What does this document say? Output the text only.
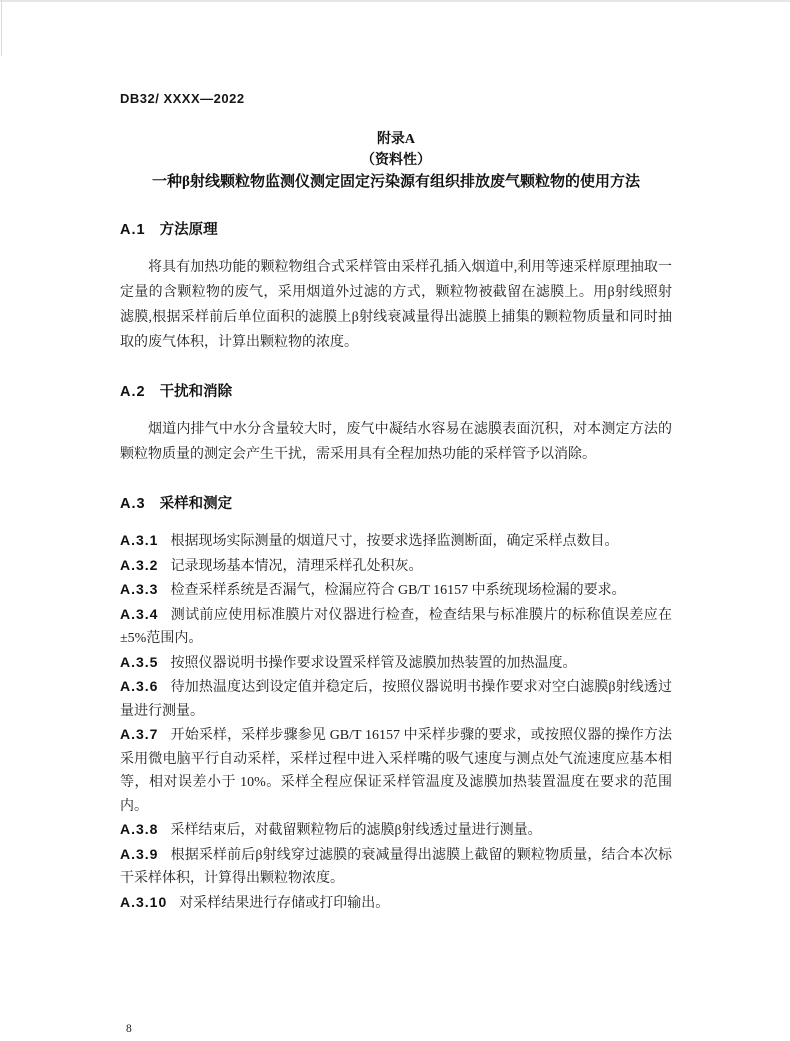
DB32/ XXXX—2022
附录A
（资料性）
一种β射线颗粒物监测仪测定固定污染源有组织排放废气颗粒物的使用方法
A.1 方法原理

将具有加热功能的颗粒物组合式采样管由采样孔插入烟道中,利用等速采样原理抽取一定量的含颗粒物的废气，采用烟道外过滤的方式，颗粒物被截留在滤膜上。用β射线照射滤膜,根据采样前后单位面积的滤膜上β射线衰减量得出滤膜上捕集的颗粒物质量和同时抽取的废气体积，计算出颗粒物的浓度。

A.2 干扰和消除

烟道内排气中水分含量较大时，废气中凝结水容易在滤膜表面沉积，对本测定方法的颗粒物质量的测定会产生干扰，需采用具有全程加热功能的采样管予以消除。

A.3 采样和测定

A.3.1 根据现场实际测量的烟道尺寸，按要求选择监测断面，确定采样点数目。

A.3.2 记录现场基本情况，清理采样孔处积灰。

A.3.3 检查采样系统是否漏气，检漏应符合 GB/T 16157 中系统现场检漏的要求。

A.3.4 测试前应使用标准膜片对仪器进行检查，检查结果与标准膜片的标称值误差应在±5%范围内。

A.3.5 按照仪器说明书操作要求设置采样管及滤膜加热装置的加热温度。

A.3.6 待加热温度达到设定值并稳定后，按照仪器说明书操作要求对空白滤膜β射线透过量进行测量。

A.3.7 开始采样，采样步骤参见 GB/T 16157 中采样步骤的要求，或按照仪器的操作方法采用微电脑平行自动采样，采样过程中进入采样嘴的吸气速度与测点处气流速度应基本相等，相对误差小于 10%。采样全程应保证采样管温度及滤膜加热装置温度在要求的范围内。

A.3.8 采样结束后，对截留颗粒物后的滤膜β射线透过量进行测量。

A.3.9 根据采样前后β射线穿过滤膜的衰减量得出滤膜上截留的颗粒物质量，结合本次标干采样体积，计算得出颗粒物浓度。

A.3.10 对采样结果进行存储或打印输出。

8
